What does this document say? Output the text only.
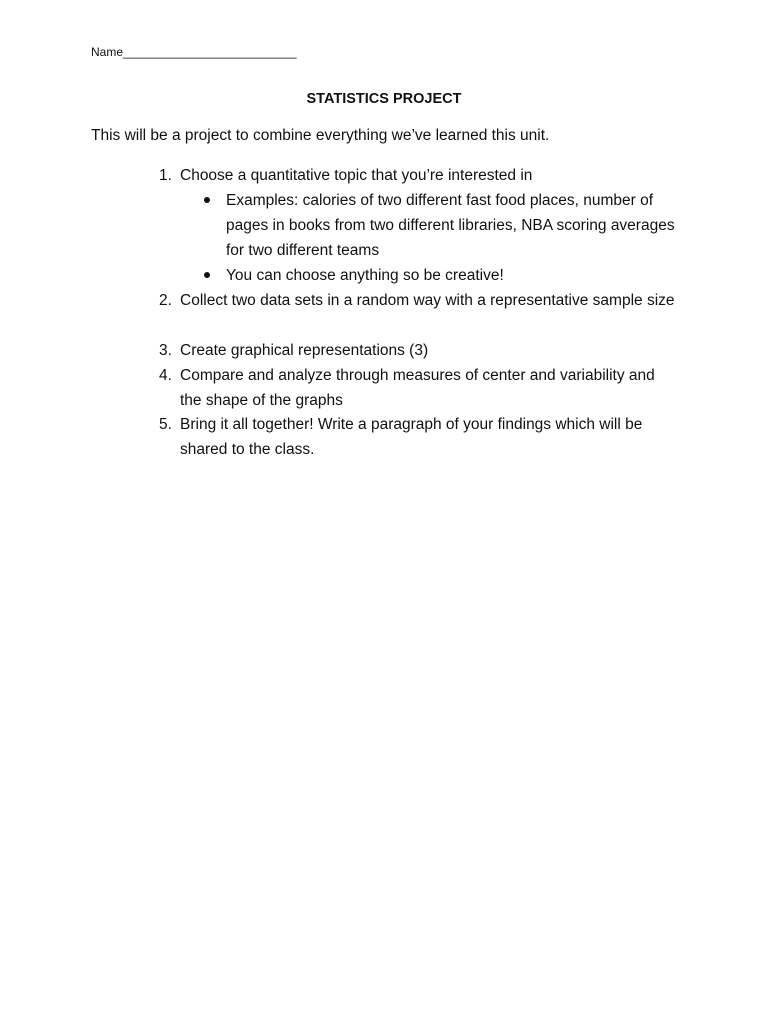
Name__________________________
STATISTICS PROJECT
This will be a project to combine everything we’ve learned this unit.
1. Choose a quantitative topic that you’re interested in
Examples: calories of two different fast food places, number of pages in books from two different libraries, NBA scoring averages for two different teams
You can choose anything so be creative!
2. Collect two data sets in a random way with a representative sample size
3. Create graphical representations (3)
4. Compare and analyze through measures of center and variability and the shape of the graphs
5. Bring it all together! Write a paragraph of your findings which will be shared to the class.
